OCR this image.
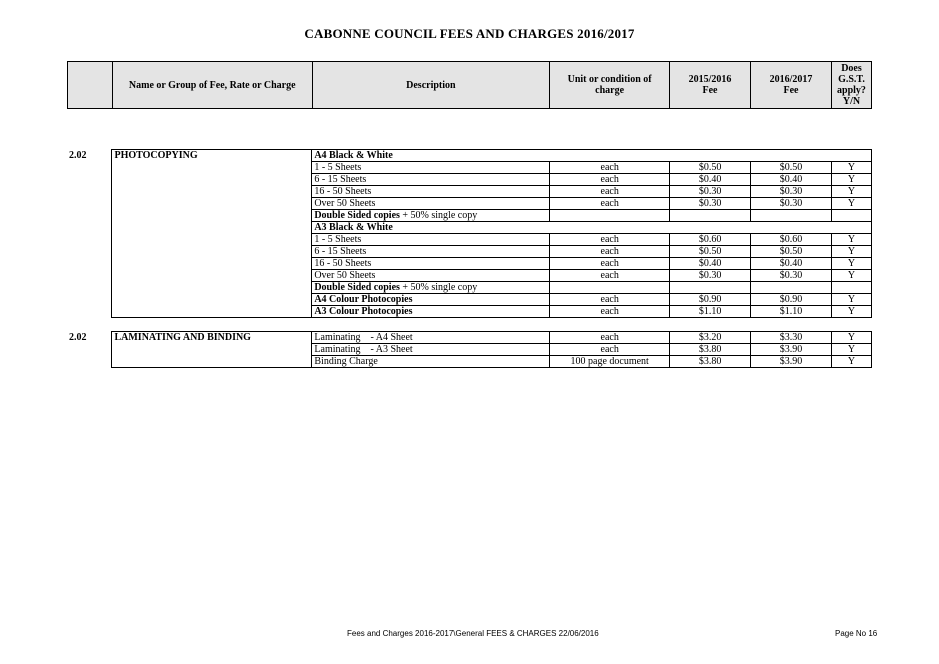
CABONNE COUNCIL FEES AND CHARGES 2016/2017
	Name or Group of Fee, Rate or Charge	Description	Unit or condition of charge	2015/2016 Fee	2016/2017 Fee	Does G.S.T. apply? Y/N
2.02	PHOTOCOPYING	A4 Black & White				
		1 - 5 Sheets	each	$0.50	$0.50	Y
		6 - 15 Sheets	each	$0.40	$0.40	Y
		16 - 50 Sheets	each	$0.30	$0.30	Y
		Over 50 Sheets	each	$0.30	$0.30	Y
		Double Sided copies + 50% single copy				
		A3 Black & White				
		1 - 5 Sheets	each	$0.60	$0.60	Y
		6 - 15 Sheets	each	$0.50	$0.50	Y
		16 - 50 Sheets	each	$0.40	$0.40	Y
		Over 50 Sheets	each	$0.30	$0.30	Y
		Double Sided copies + 50% single copy				
		A4 Colour Photocopies	each	$0.90	$0.90	Y
		A3 Colour Photocopies	each	$1.10	$1.10	Y
2.02	LAMINATING AND BINDING	Laminating    - A4 Sheet	each	$3.20	$3.30	Y
		Laminating    - A3 Sheet	each	$3.80	$3.90	Y
		Binding Charge	100 page document	$3.80	$3.90	Y
Fees and Charges 2016-2017\General FEES & CHARGES 22/06/2016	Page No 16
